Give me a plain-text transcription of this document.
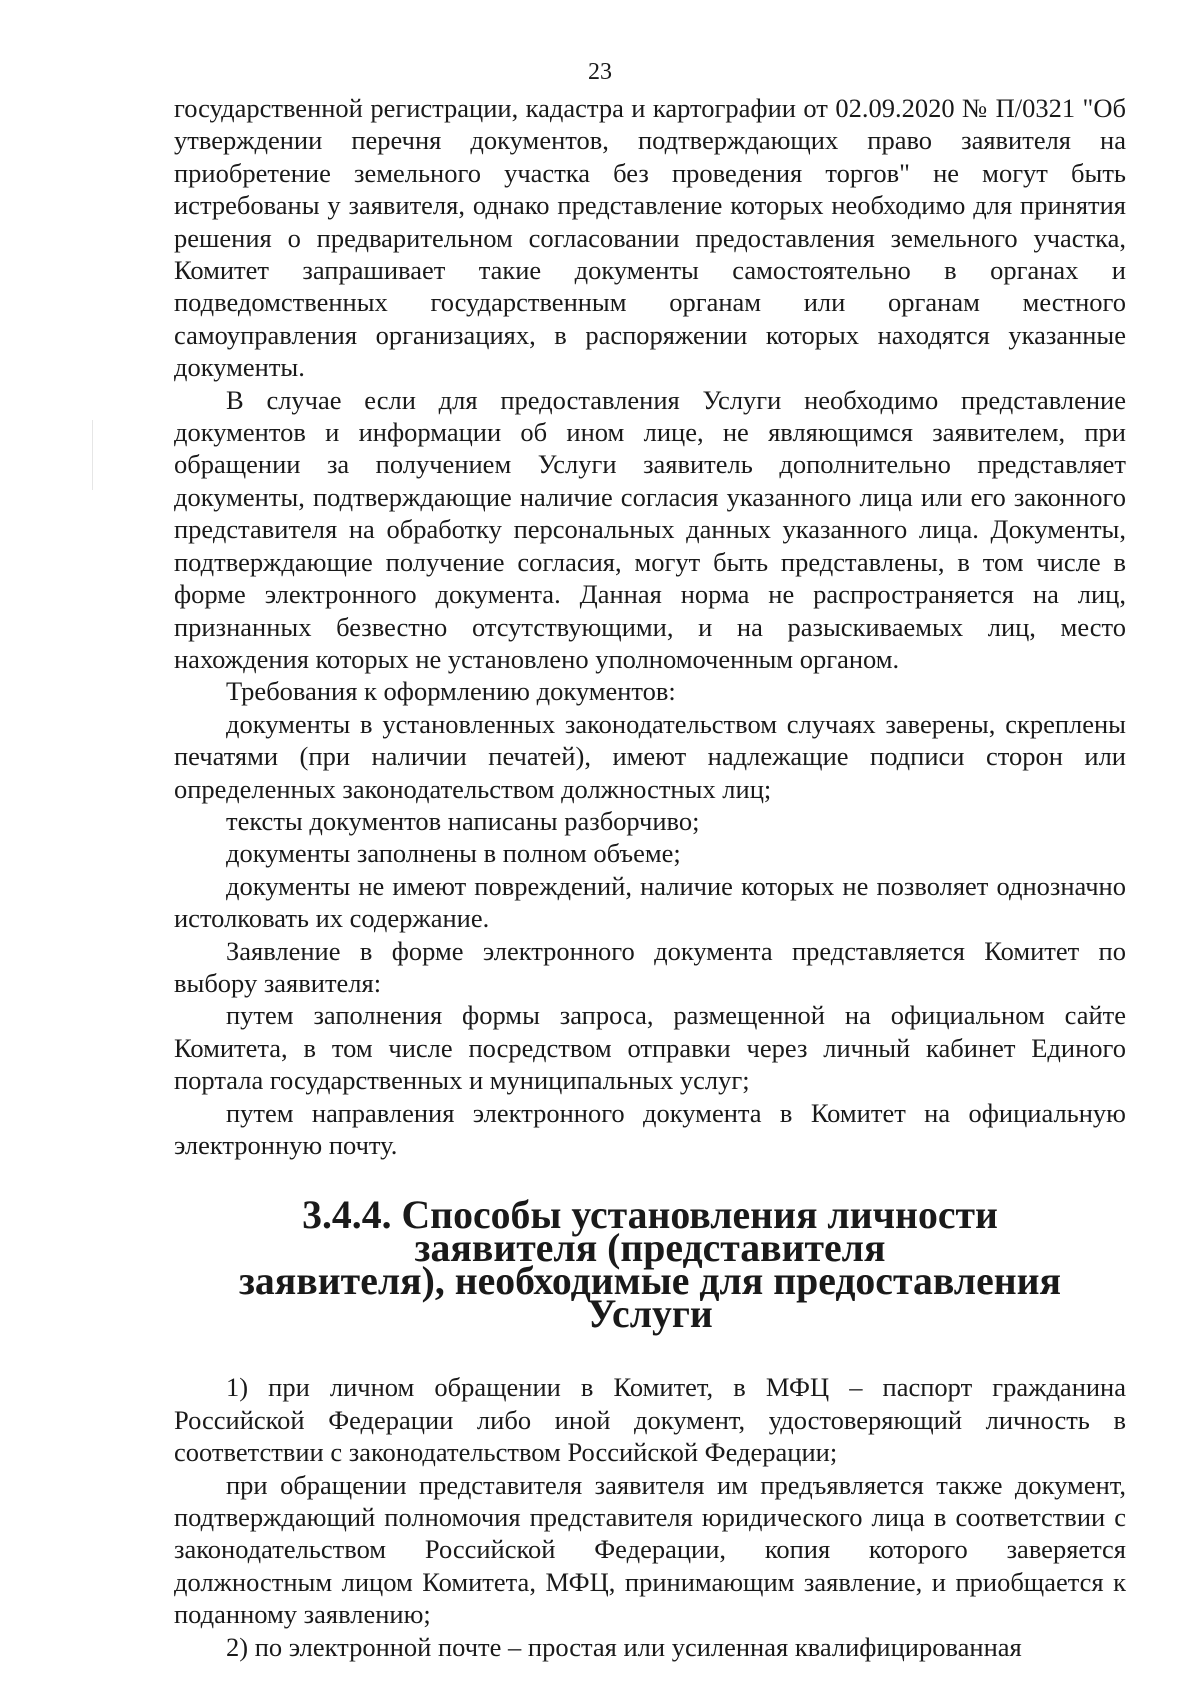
23

государственной регистрации, кадастра и картографии от 02.09.2020 № П/0321 "Об утверждении перечня документов, подтверждающих право заявителя на приобретение земельного участка без проведения торгов" не могут быть истребованы у заявителя, однако представление которых необходимо для принятия решения о предварительном согласовании предоставления земельного участка, Комитет запрашивает такие документы самостоятельно в органах и подведомственных государственным органам или органам местного самоуправления организациях, в распоряжении которых находятся указанные документы.

В случае если для предоставления Услуги необходимо представление документов и информации об ином лице, не являющимся заявителем, при обращении за получением Услуги заявитель дополнительно представляет документы, подтверждающие наличие согласия указанного лица или его законного представителя на обработку персональных данных указанного лица. Документы, подтверждающие получение согласия, могут быть представлены, в том числе в форме электронного документа. Данная норма не распространяется на лиц, признанных безвестно отсутствующими, и на разыскиваемых лиц, место нахождения которых не установлено уполномоченным органом.

Требования к оформлению документов:

документы в установленных законодательством случаях заверены, скреплены печатями (при наличии печатей), имеют надлежащие подписи сторон или определенных законодательством должностных лиц;

тексты документов написаны разборчиво;

документы заполнены в полном объеме;

документы не имеют повреждений, наличие которых не позволяет однозначно истолковать их содержание.

Заявление в форме электронного документа представляется Комитет по выбору заявителя:

путем заполнения формы запроса, размещенной на официальном сайте Комитета, в том числе посредством отправки через личный кабинет Единого портала государственных и муниципальных услуг;

путем направления электронного документа в Комитет на официальную электронную почту.

3.4.4. Способы установления личности заявителя (представителя
заявителя), необходимые для предоставления Услуги

1) при личном обращении в Комитет, в МФЦ – паспорт гражданина Российской Федерации либо иной документ, удостоверяющий личность в соответствии с законодательством Российской Федерации;

при обращении представителя заявителя им предъявляется также документ, подтверждающий полномочия представителя юридического лица в соответствии с законодательством Российской Федерации, копия которого заверяется должностным лицом Комитета, МФЦ, принимающим заявление, и приобщается к поданному заявлению;

2) по электронной почте – простая или усиленная квалифицированная
